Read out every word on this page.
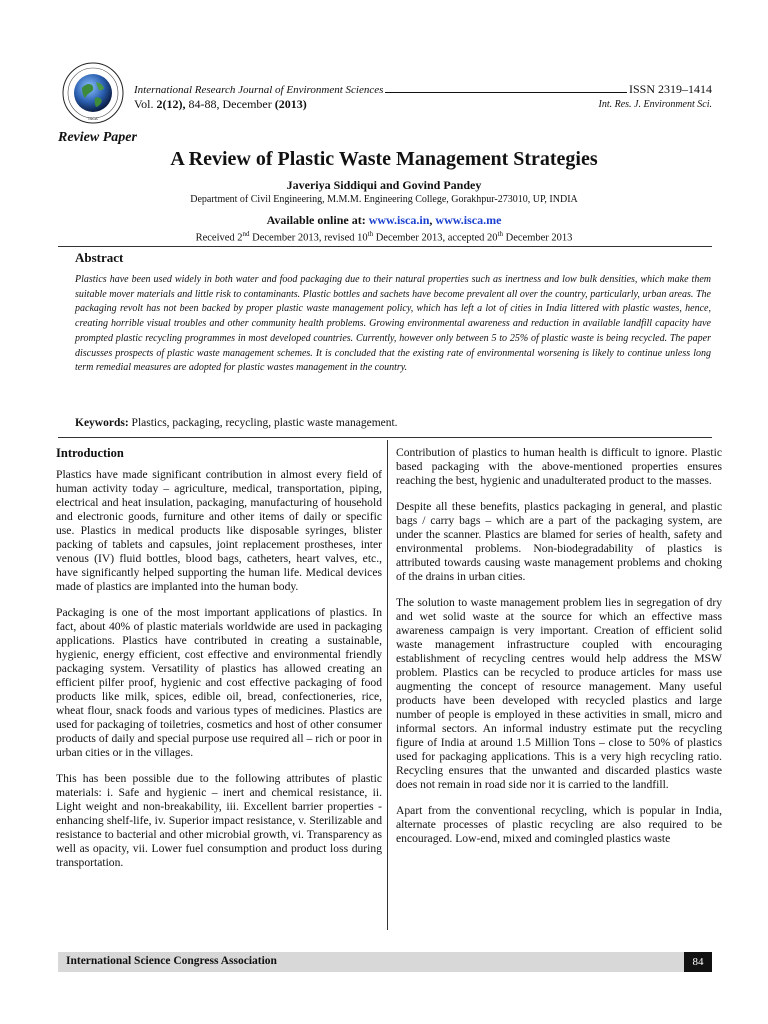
ISCA
International Research Journal of Environment Sciences	ISSN 2319–1414
Vol. 2(12), 84-88, December (2013)	Int. Res. J. Environment Sci.
Review Paper
A Review of Plastic Waste Management Strategies
Javeriya Siddiqui and Govind Pandey
Department of Civil Engineering, M.M.M. Engineering College, Gorakhpur-273010, UP, INDIA
Available online at: www.isca.in, www.isca.me
Received 2nd December 2013, revised 10th December 2013, accepted 20th December 2013
Abstract
Plastics have been used widely in both water and food packaging due to their natural properties such as inertness and low bulk densities, which make them suitable mover materials and little risk to contaminants. Plastic bottles and sachets have become prevalent all over the country, particularly, urban areas. The packaging revolt has not been backed by proper plastic waste management policy, which has left a lot of cities in India littered with plastic wastes, hence, creating horrible visual troubles and other community health problems. Growing environmental awareness and reduction in available landfill capacity have prompted plastic recycling programmes in most developed countries. Currently, however only between 5 to 25% of plastic waste is being recycled. The paper discusses prospects of plastic waste management schemes. It is concluded that the existing rate of environmental worsening is likely to continue unless long term remedial measures are adopted for plastic wastes management in the country.
Keywords: Plastics, packaging, recycling, plastic waste management.
Introduction

Plastics have made significant contribution in almost every field of human activity today – agriculture, medical, transportation, piping, electrical and heat insulation, packaging, manufacturing of household and electronic goods, furniture and other items of daily or specific use. Plastics in medical products like disposable syringes, blister packing of tablets and capsules, joint replacement prostheses, inter venous (IV) fluid bottles, blood bags, catheters, heart valves, etc., have significantly helped supporting the human life. Medical devices made of plastics are implanted into the human body.

Packaging is one of the most important applications of plastics. In fact, about 40% of plastic materials worldwide are used in packaging applications. Plastics have contributed in creating a sustainable, hygienic, energy efficient, cost effective and environmental friendly packaging system. Versatility of plastics has allowed creating an efficient pilfer proof, hygienic and cost effective packaging of food products like milk, spices, edible oil, bread, confectioneries, rice, wheat flour, snack foods and various types of medicines. Plastics are used for packaging of toiletries, cosmetics and host of other consumer products of daily and special purpose use required all – rich or poor in urban cities or in the villages.

This has been possible due to the following attributes of plastic materials: i. Safe and hygienic – inert and chemical resistance, ii. Light weight and non-breakability, iii. Excellent barrier properties - enhancing shelf-life, iv. Superior impact resistance, v. Sterilizable and resistance to bacterial and other microbial growth, vi. Transparency as well as opacity, vii. Lower fuel consumption and product loss during transportation.

Contribution of plastics to human health is difficult to ignore. Plastic based packaging with the above-mentioned properties ensures reaching the best, hygienic and unadulterated product to the masses.

Despite all these benefits, plastics packaging in general, and plastic bags / carry bags – which are a part of the packaging system, are under the scanner. Plastics are blamed for series of health, safety and environmental problems. Non-biodegradability of plastics is attributed towards causing waste management problems and choking of the drains in urban cities.

The solution to waste management problem lies in segregation of dry and wet solid waste at the source for which an effective mass awareness campaign is very important. Creation of efficient solid waste management infrastructure coupled with encouraging establishment of recycling centres would help address the MSW problem. Plastics can be recycled to produce articles for mass use augmenting the concept of resource management. Many useful products have been developed with recycled plastics and large number of people is employed in these activities in small, micro and informal sectors. An informal industry estimate put the recycling figure of India at around 1.5 Million Tons – close to 50% of plastics used for packaging applications. This is a very high recycling ratio. Recycling ensures that the unwanted and discarded plastics waste does not remain in road side nor it is carried to the landfill.

Apart from the conventional recycling, which is popular in India, alternate processes of plastic recycling are also required to be encouraged. Low-end, mixed and comingled plastics waste

International Science Congress Association	84
